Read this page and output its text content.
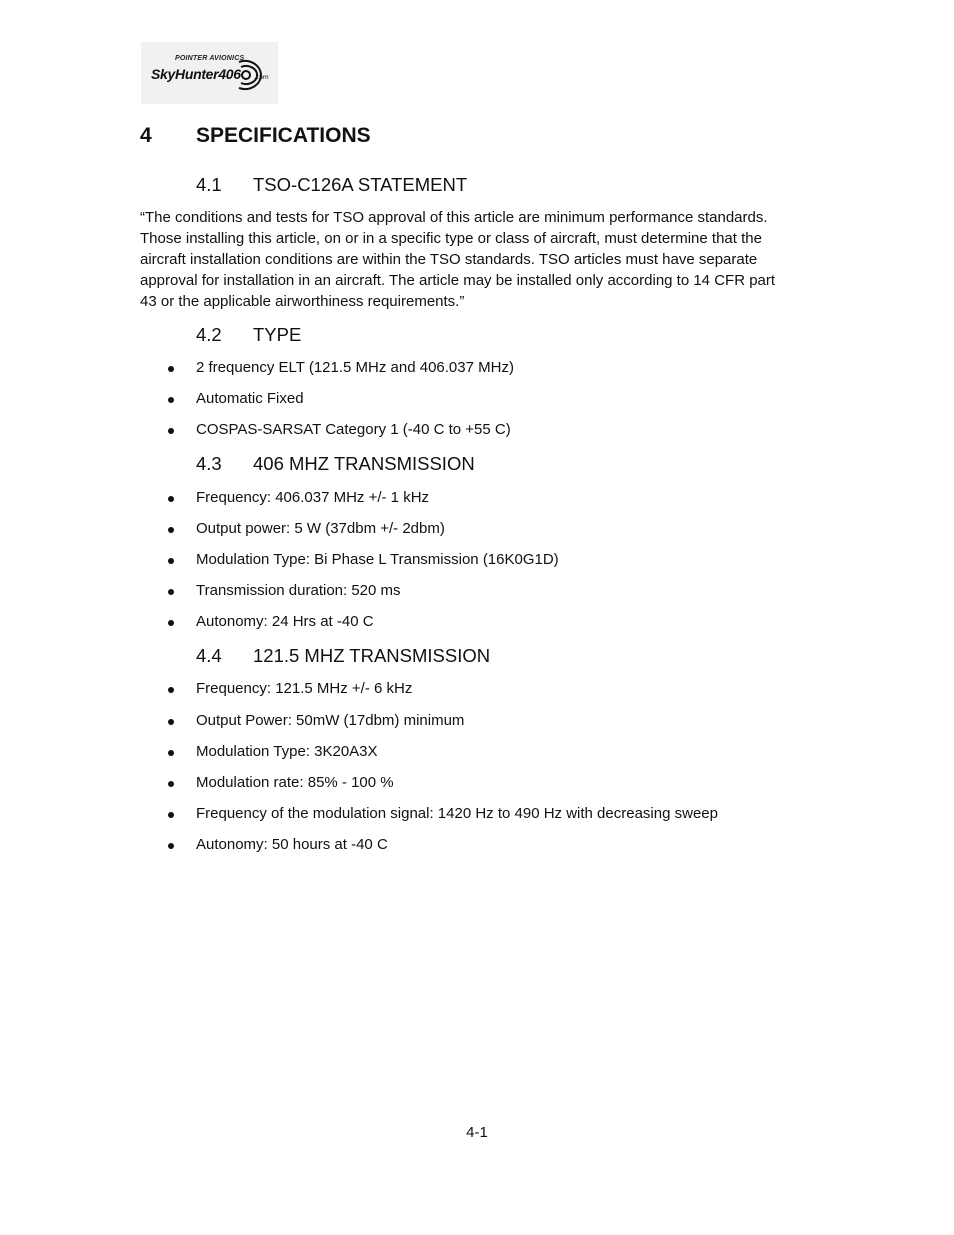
POINTER AVIONICS
SkyHunter406 .com
4 SPECIFICATIONS
4.1 TSO-C126A STATEMENT

“The conditions and tests for TSO approval of this article are minimum performance standards.

Those installing this article, on or in a specific type or class of aircraft, must determine that the

aircraft installation conditions are within the TSO standards. TSO articles must have separate

approval for installation in an aircraft. The article may be installed only according to 14 CFR part

43 or the applicable airworthiness requirements.”

4.2 TYPE
2 frequency ELT (121.5 MHz and 406.037 MHz)
Automatic Fixed
COSPAS-SARSAT Category 1 (-40 C to +55 C)
4.3 406 MHZ TRANSMISSION
Frequency: 406.037 MHz +/- 1 kHz
Output power: 5 W (37dbm +/- 2dbm)
Modulation Type: Bi Phase L Transmission (16K0G1D)
Transmission duration: 520 ms
Autonomy: 24 Hrs at -40 C
4.4 121.5 MHZ TRANSMISSION
Frequency: 121.5 MHz +/- 6 kHz
Output Power: 50mW (17dbm) minimum
Modulation Type: 3K20A3X
Modulation rate: 85% - 100 %
Frequency of the modulation signal: 1420 Hz to 490 Hz with decreasing sweep
Autonomy: 50 hours at -40 C
4-1
